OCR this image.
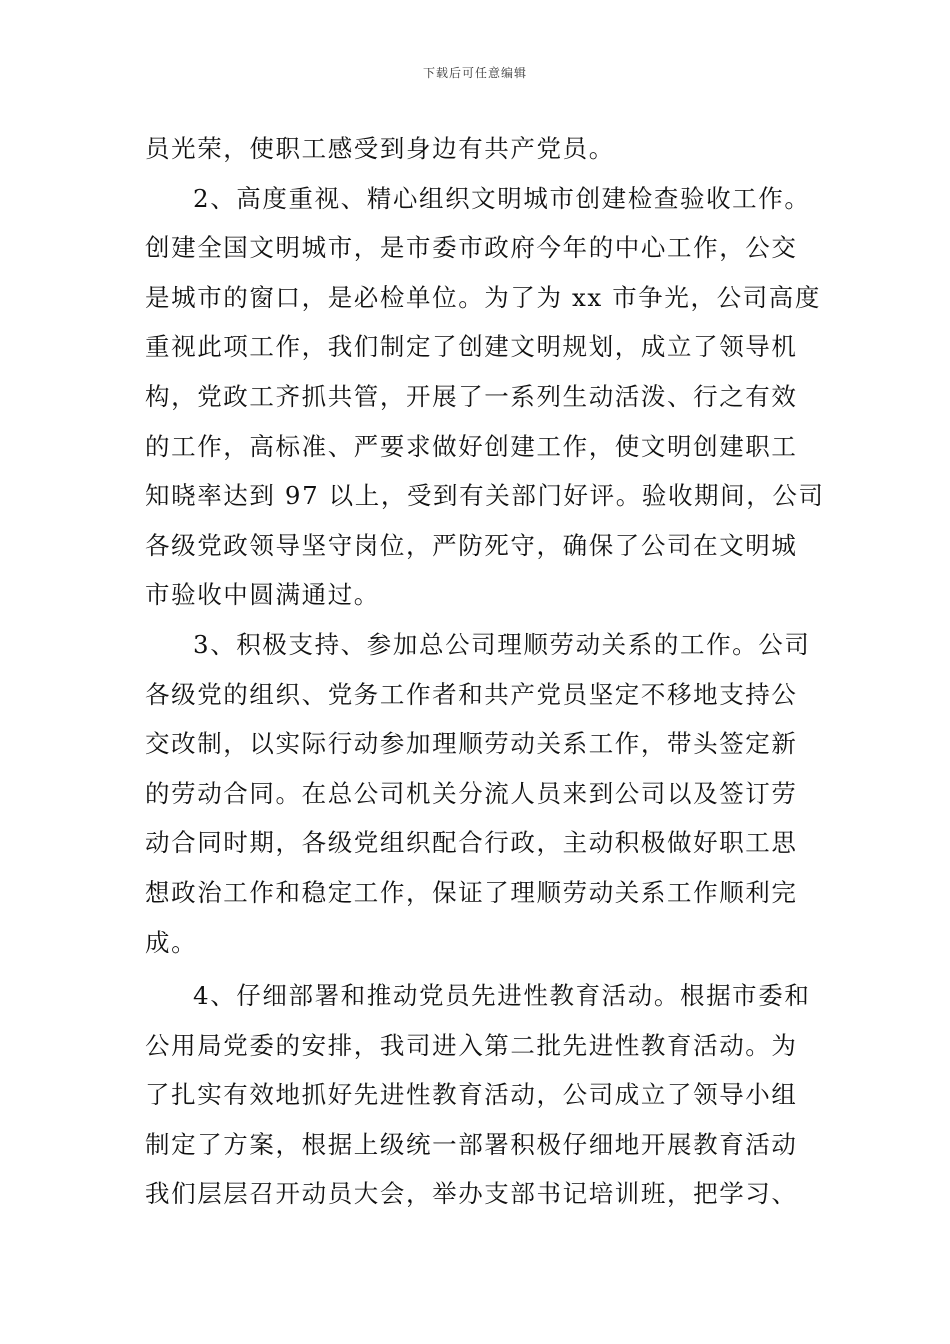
下载后可任意编辑
员光荣，使职工感受到身边有共产党员。
2、高度重视、精心组织文明城市创建检查验收工作。
创建全国文明城市，是市委市政府今年的中心工作，公交
是城市的窗口，是必检单位。为了为 xx 市争光，公司高度
重视此项工作，我们制定了创建文明规划，成立了领导机
构，党政工齐抓共管，开展了一系列生动活泼、行之有效
的工作，高标准、严要求做好创建工作，使文明创建职工
知晓率达到 97 以上，受到有关部门好评。验收期间，公司
各级党政领导坚守岗位，严防死守，确保了公司在文明城
市验收中圆满通过。
3、积极支持、参加总公司理顺劳动关系的工作。公司
各级党的组织、党务工作者和共产党员坚定不移地支持公
交改制，以实际行动参加理顺劳动关系工作，带头签定新
的劳动合同。在总公司机关分流人员来到公司以及签订劳
动合同时期，各级党组织配合行政，主动积极做好职工思
想政治工作和稳定工作，保证了理顺劳动关系工作顺利完
成。
4、仔细部署和推动党员先进性教育活动。根据市委和
公用局党委的安排，我司进入第二批先进性教育活动。为
了扎实有效地抓好先进性教育活动，公司成立了领导小组
制定了方案，根据上级统一部署积极仔细地开展教育活动
我们层层召开动员大会，举办支部书记培训班，把学习、
